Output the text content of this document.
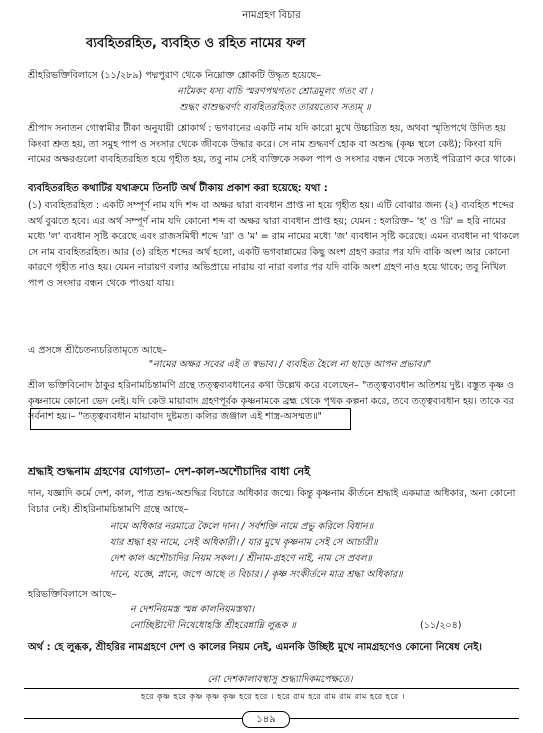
নামগ্রহণ বিচার
ব্যবহিতরহিত, ব্যবহিত ও রহিত নামের ফল
শ্রীহরিভক্তিবিলাসে (১১/২৮৯) পদ্মপুরাণ থেকে নিম্নোক্ত শ্লোকটি উদ্ধৃত হয়েছে–
নামৈকং যস্য বাচি স্মরণপথগতং শ্রোত্রমূলং গতং বা ।
শুদ্ধং বাশুদ্ধবর্ণং ব্যবহিতরহিতং তারয়ত্যেব সত্যম্ ॥
শ্রীপাদ সনাতন গোস্বামীর টীকা অনুযায়ী শ্লোকার্থ : ভগবানের একটি নাম যদি কারো মুখে উচ্চারিত হয়, অথবা স্মৃতিপথে উদিত হয় কিংবা শ্রুত হয়, তা সমুহ পাপ ও সংসার থেকে জীবকে উদ্ধার করে। সে নাম শুদ্ধবর্ণ হোক বা অশুদ্ধ (কৃষ্ণ স্থলে কেষ্ট); কিংবা যদি নামের অক্ষরগুলো ব্যবহিতরহিত হয়ে গৃহীত হয়, তবু নাম সেই ব্যক্তিকে সকল পাপ ও সংসার বন্ধন থেকে সত্যই পরিত্রাণ করে থাকে।
ব্যবহিতরহিত কথাটির যথাক্রমে তিনটি অর্থ টীকায় প্রকাশ করা হয়েছে: যথা :
(১) ব্যবহিতরহিত : একটি সম্পূর্ণ নাম যদি শব্দ বা অক্ষর দ্বারা ব্যবধান প্রাপ্ত না হয়ে গৃহীত হয়। এটি বোঝার জন্য (২) ব্যবহিত শব্দের অর্থ বুঝতে হবে। এর অর্থ সম্পূর্ণ নাম যদি কোনো শব্দ বা অক্ষর দ্বারা ব্যবধান প্রাপ্ত হয়; যেমন : হলরিক্ত– 'হ' ও 'রি' = হরি নামের মধ্যে 'ল' ব্যবধান সৃষ্টি করেছে এবং রাজসমিথী শব্দে 'রা' ও 'ম' = রাম নামের মধ্যে 'জ' ব্যবধান সৃষ্টি করেছে। এমন ব্যবধান না থাকলে সে নাম ব্যবহিতরহিত। আর (৩) রহিত শব্দের অর্থ হলো, একটি ভগবান্নামের কিছু অংশ গ্রহণ করার পর যদি বাকি অংশ আর কোনো কারণে গৃহীত নাও হয়। যেমন নারায়ণ বলার অভিপ্রায়ে নারায় বা নারা বলার পর যদি বাকি অংশ গ্রহণ নাও হয়ে থাকে; তবু নিখিল পাপ ও সংসার বন্ধন থেকে পাওয়া যায়।
এ প্রসঙ্গে শ্রীচৈতন্যচরিতামৃতে আছে–
"নামের অক্ষর সবের এই ত স্বভাব। / ব্যবহিত হৈলে না ছাড়ে আপন প্রভাব॥"
শ্রীল ভক্তিবিনোদ ঠাকুর হরিনামচিন্তামণি গ্রন্থে তত্ত্বব্যবধানের কথা উল্লেখ করে বলেছেন– "তত্ত্বব্যবধান অতিশয় দুষ্ট। বস্তুত কৃষ্ণ ও কৃষ্ণনামে কোনো ভেদ নেই। যদি কেউ মায়াবাদ গ্রহণপূর্বক কৃষ্ণনামকে ব্রহ্ম থেকে পৃথক কল্পনা করে, তবে তত্ত্বব্যবধান হয়। তাকে বর সর্বনাশ হয়।– "তত্ত্বব্যবধান মায়াবাদ দুষ্টমত। কলির জঞ্জাল এই শাস্ত্র-অসম্মত॥"
শ্রদ্ধাই শুদ্ধনাম গ্রহণের যোগ্যতা– দেশ-কাল-অশৌচাদির বাধা নেই
দান, যজ্ঞাদি কর্মে দেশ, কাল, পাত্র শুদ্ধ-অশুদ্ধির বিচারে অধিকার জন্মে। কিন্তু কৃষ্ণনাম কীর্তনে শ্রদ্ধাই একমাত্র অধিকার, অন্য কোনো বিচার নেই। শ্রীহরিনামচিন্তামণি গ্রন্থে আছে–
নামে অধিকার নরমাত্রে কৈলে দান। / সর্বশক্তি নামে প্রভু করিলে বিধান॥
যার শ্রদ্ধা হয় নামে, সেই অধিকারী। / যার মুখে কৃষ্ণনাম সেই সে আচারী॥
দেশ কাল অশৌচাদির নিয়ম সকল। / শ্রীনাম-গ্রহণে নাই, নাম সে প্রবল॥
দানে, যজ্ঞে, স্নানে, জপে আছে ত বিচার। / কৃষ্ণ সংকীর্তনে মাত্র শ্রদ্ধা অধিকার॥
হরিভক্তিবিলাসে আছে–
ন দেশনিয়মস্ত স্মন্ন কালনিয়মস্তথা।
নোচ্ছিষ্টাদৌ নিষেধোহস্তি শ্রীহরেন্নাম্নি লুব্ধক ॥	(১১/২০৪)
অর্থ : হে লুব্ধক, শ্রীহরির নামগ্রহণে দেশ ও কালের নিয়ম নেই, এমনকি উচ্ছিষ্ট মুখে নামগ্রহণেও কোনো নিষেধ নেই।
নো দেশকালাবস্থাসু শুদ্ধ্যাদিকমপেক্ষতে।
হরে কৃষ্ণ হরে কৃষ্ণ কৃষ্ণ কৃষ্ণ হরে হরে । হরে রাম হরে রাম রাম রাম হরে হরে ।
১৪৯
